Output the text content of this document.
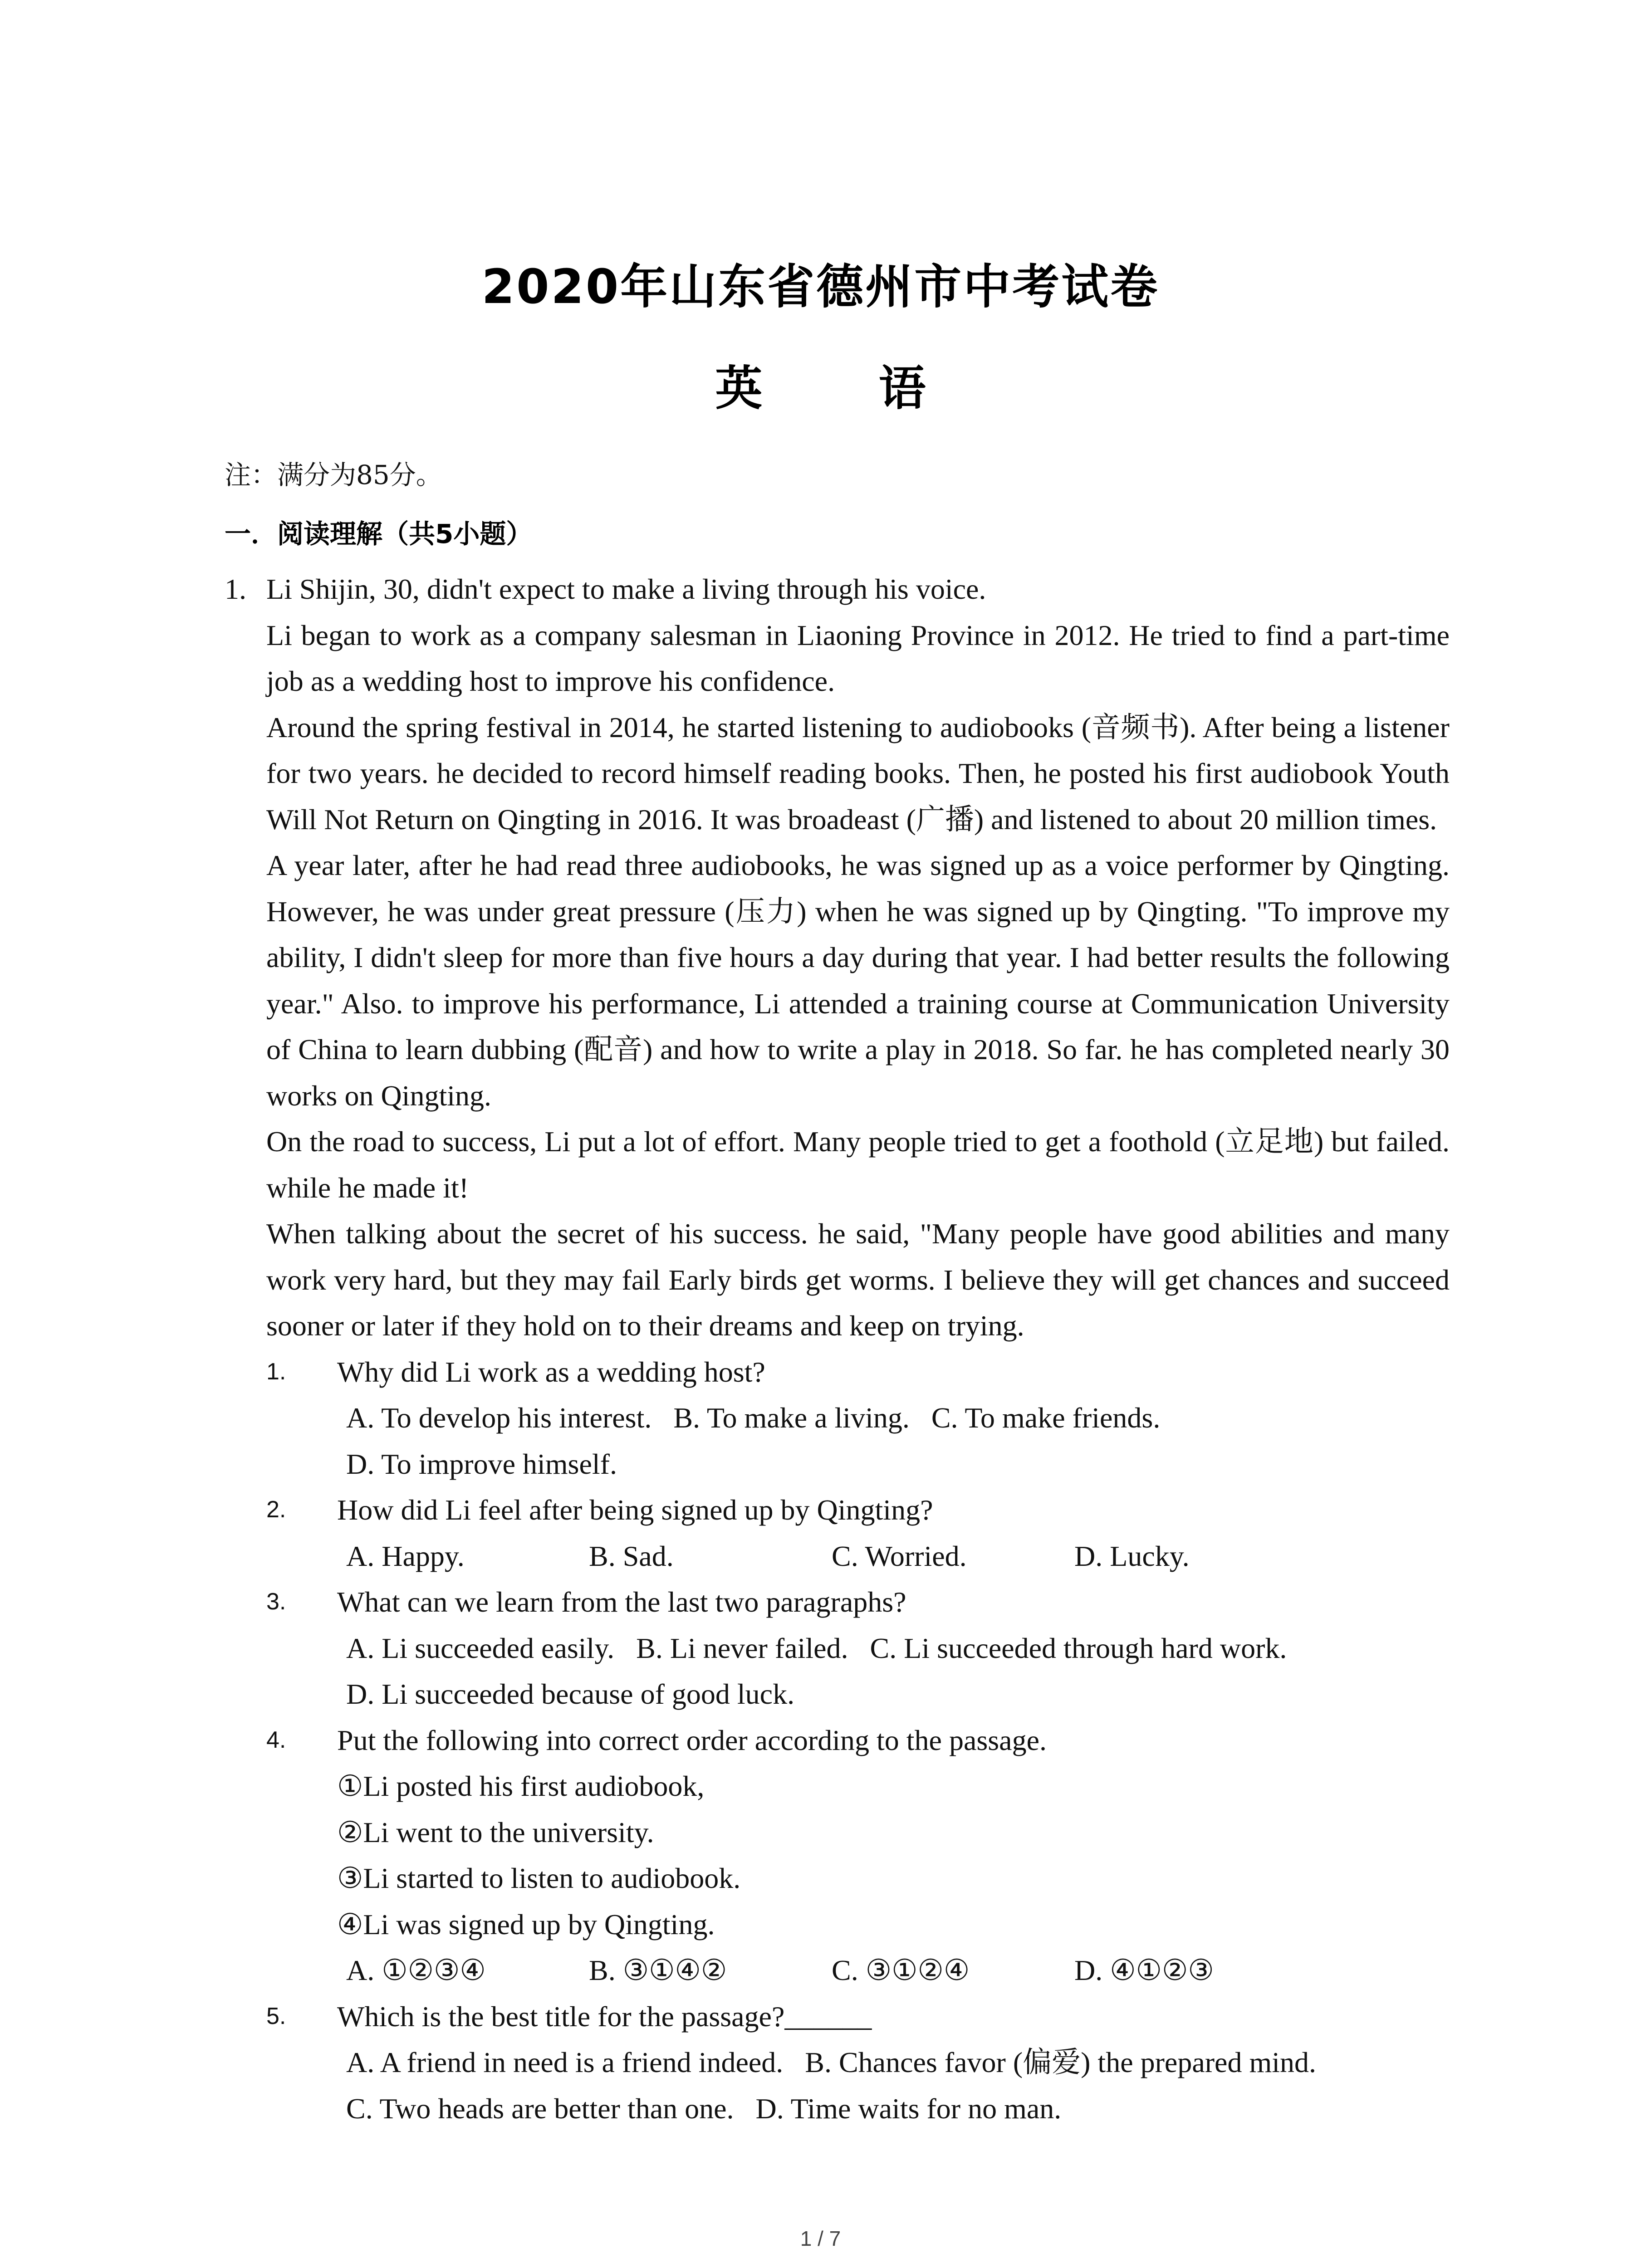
2020年山东省德州市中考试卷
英 语
注：满分为85分。
一．阅读理解（共5小题）
1. Li Shijin, 30, didn't expect to make a living through his voice.
Li began to work as a company salesman in Liaoning Province in 2012. He tried to find a part-time job as a wedding host to improve his confidence.
Around the spring festival in 2014, he started listening to audiobooks (音频书). After being a listener for two years. he decided to record himself reading books. Then, he posted his first audiobook Youth Will Not Return on Qingting in 2016. It was broadeast (广播) and listened to about 20 million times.
A year later, after he had read three audiobooks, he was signed up as a voice performer by Qingting. However, he was under great pressure (压力) when he was signed up by Qingting. "To improve my ability, I didn't sleep for more than five hours a day during that year. I had better results the following year." Also. to improve his performance, Li attended a training course at Communication University of China to learn dubbing (配音) and how to write a play in 2018. So far. he has completed nearly 30 works on Qingting.
On the road to success, Li put a lot of effort. Many people tried to get a foothold (立足地) but failed. while he made it!
When talking about the secret of his success. he said, "Many people have good abilities and many work very hard, but they may fail Early birds get worms. I believe they will get chances and succeed sooner or later if they hold on to their dreams and keep on trying.
1. Why did Li work as a wedding host?
A. To develop his interest.   B. To make a living.   C. To make friends.
D. To improve himself.
2. How did Li feel after being signed up by Qingting?
A. Happy.	B. Sad.	C. Worried.	D. Lucky.
3. What can we learn from the last two paragraphs?
A. Li succeeded easily.   B. Li never failed.   C. Li succeeded through hard work.
D. Li succeeded because of good luck.
4. Put the following into correct order according to the passage.
①Li posted his first audiobook,
②Li went to the university.
③Li started to listen to audiobook.
④Li was signed up by Qingting.
A. ①②③④	B. ③①④②	C. ③①②④	D. ④①②③
5. Which is the best title for the passage?______
A. A friend in need is a friend indeed.   B. Chances favor (偏爱) the prepared mind.
C. Two heads are better than one.   D. Time waits for no man.
1 / 7
